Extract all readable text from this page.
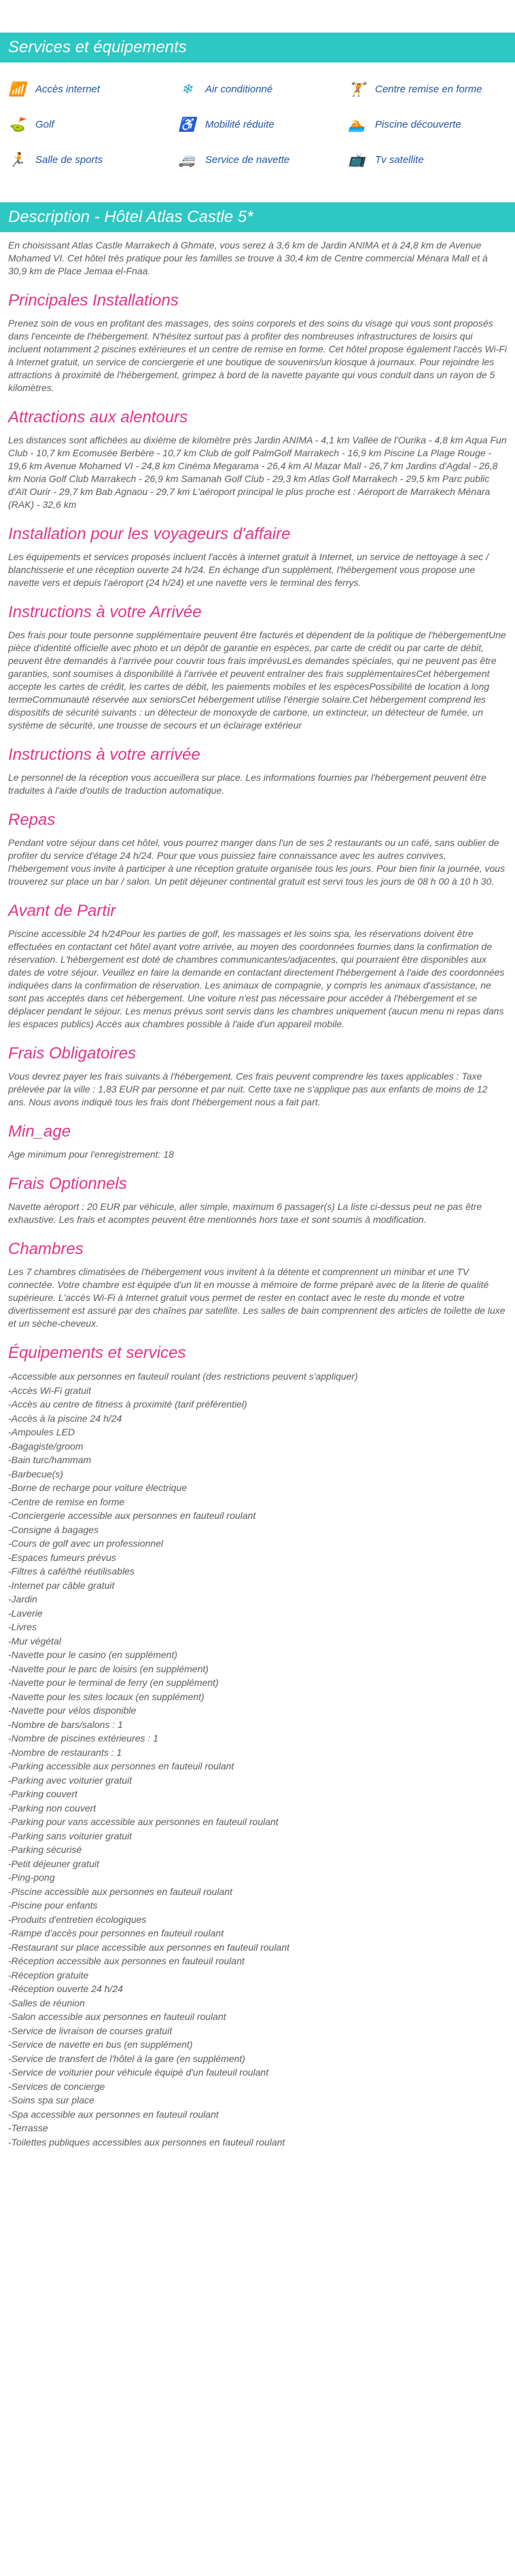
Services et équipements
📶 Accès internet	❄	Air conditionné	🏋 Centre remise en forme
⛳ Golf	♿ Mobilité réduite	🏊 Piscine découverte
🏃 Salle de sports	🚐 Service de navette	📺 Tv satellite
Description - Hôtel Atlas Castle 5*

En choisissant Atlas Castle Marrakech à Ghmate, vous serez à 3,6 km de Jardin ANIMA et à 24,8 km de Avenue Mohamed VI. Cet hôtel très pratique pour les familles se trouve à 30,4 km de Centre commercial Ménara Mall et à 30,9 km de Place Jemaa el-Fnaa.

Principales Installations

Prenez soin de vous en profitant des massages, des soins corporels et des soins du visage qui vous sont proposés dans l'enceinte de l'hébergement. N'hésitez surtout pas à profiter des nombreuses infrastructures de loisirs qui incluent notamment 2 piscines extérieures et un centre de remise en forme. Cet hôtel propose également l'accès Wi-Fi à Internet gratuit, un service de conciergerie et une boutique de souvenirs/un kiosque à journaux. Pour rejoindre les attractions à proximité de l'hébergement, grimpez à bord de la navette payante qui vous conduit dans un rayon de 5 kilomètres.

Attractions aux alentours

Les distances sont affichées au dixième de kilomètre près Jardin ANIMA - 4,1 km Vallée de l'Ourika - 4,8 km Aqua Fun Club - 10,7 km Ecomusée Berbère - 10,7 km Club de golf PalmGolf Marrakech - 16,9 km Piscine La Plage Rouge - 19,6 km Avenue Mohamed VI - 24,8 km Cinéma Megarama - 26,4 km Al Mazar Mall - 26,7 km Jardins d'Agdal - 26,8 km Noria Golf Club Marrakech - 26,9 km Samanah Golf Club - 29,3 km Atlas Golf Marrakech - 29,5 km Parc public d'Aït Ourir - 29,7 km Bab Agnaou - 29,7 km L'aéroport principal le plus proche est : Aéroport de Marrakech Ménara (RAK) - 32,6 km

Installation pour les voyageurs d'affaire

Les équipements et services proposés incluent l'accès à internet gratuit à Internet, un service de nettoyage à sec / blanchisserie et une réception ouverte 24 h/24. En échange d'un supplément, l'hébergement vous propose une navette vers et depuis l'aéroport (24 h/24) et une navette vers le terminal des ferrys.

Instructions à votre Arrivée

Des frais pour toute personne supplémentaire peuvent être facturés et dépendent de la politique de l'hébergementUne pièce d'identité officielle avec photo et un dépôt de garantie en espèces, par carte de crédit ou par carte de débit, peuvent être demandés à l'arrivée pour couvrir tous frais imprévusLes demandes spéciales, qui ne peuvent pas être garanties, sont soumises à disponibilité à l'arrivée et peuvent entraîner des frais supplémentairesCet hébergement accepte les cartes de crédit, les cartes de débit, les paiements mobiles et les espècesPossibilité de location à long termeCommunauté réservée aux seniorsCet hébergement utilise l'énergie solaire.Cet hébergement comprend les dispositifs de sécurité suivants : un détecteur de monoxyde de carbone, un extincteur, un détecteur de fumée, un système de sécurité, une trousse de secours et un éclairage extérieur

Instructions à votre arrivée

Le personnel de la réception vous accueillera sur place. Les informations fournies par l'hébergement peuvent être traduites à l'aide d'outils de traduction automatique.

Repas

Pendant votre séjour dans cet hôtel, vous pourrez manger dans l'un de ses 2 restaurants ou un café, sans oublier de profiter du service d'étage 24 h/24. Pour que vous puissiez faire connaissance avec les autres convives, l'hébergement vous invite à participer à une réception gratuite organisée tous les jours. Pour bien finir la journée, vous trouverez sur place un bar / salon. Un petit déjeuner continental gratuit est servi tous les jours de 08 h 00 à 10 h 30.

Avant de Partir

Piscine accessible 24 h/24Pour les parties de golf, les massages et les soins spa, les réservations doivent être effectuées en contactant cet hôtel avant votre arrivée, au moyen des coordonnées fournies dans la confirmation de réservation. L'hébergement est doté de chambres communicantes/adjacentes, qui pourraient être disponibles aux dates de votre séjour. Veuillez en faire la demande en contactant directement l'hébergement à l'aide des coordonnées indiquées dans la confirmation de réservation. Les animaux de compagnie, y compris les animaux d'assistance, ne sont pas acceptés dans cet hébergement. Une voiture n'est pas nécessaire pour accéder à l'hébergement et se déplacer pendant le séjour. Les menus prévus sont servis dans les chambres uniquement (aucun menu ni repas dans les espaces publics) Accès aux chambres possible à l'aide d'un appareil mobile.

Frais Obligatoires

Vous devrez payer les frais suivants à l'hébergement. Ces frais peuvent comprendre les taxes applicables : Taxe prélevée par la ville : 1,83 EUR par personne et par nuit. Cette taxe ne s'applique pas aux enfants de moins de 12 ans. Nous avons indiqué tous les frais dont l'hébergement nous a fait part.

Min_age

Age minimum pour l'enregistrement: 18

Frais Optionnels

Navette aéroport : 20 EUR par véhicule, aller simple, maximum 6 passager(s) La liste ci-dessus peut ne pas être exhaustive. Les frais et acomptes peuvent être mentionnés hors taxe et sont soumis à modification.

Chambres

Les 7 chambres climatisées de l'hébergement vous invitent à la détente et comprennent un minibar et une TV connectée. Votre chambre est équipée d'un lit en mousse à mémoire de forme préparé avec de la literie de qualité supérieure. L'accès Wi-Fi à Internet gratuit vous permet de rester en contact avec le reste du monde et votre divertissement est assuré par des chaînes par satellite. Les salles de bain comprennent des articles de toilette de luxe et un sèche-cheveux.

Équipements et services
-Accessible aux personnes en fauteuil roulant (des restrictions peuvent s'appliquer)
-Accès Wi-Fi gratuit
-Accès au centre de fitness à proximité (tarif préférentiel)
-Accès à la piscine 24 h/24
-Ampoules LED
-Bagagiste/groom
-Bain turc/hammam
-Barbecue(s)
-Borne de recharge pour voiture électrique
-Centre de remise en forme
-Conciergerie accessible aux personnes en fauteuil roulant
-Consigne à bagages
-Cours de golf avec un professionnel
-Espaces fumeurs prévus
-Filtres à café/thé réutilisables
-Internet par câble gratuit
-Jardin
-Laverie
-Livres
-Mur végétal
-Navette pour le casino (en supplément)
-Navette pour le parc de loisirs (en supplément)
-Navette pour le terminal de ferry (en supplément)
-Navette pour les sites locaux (en supplément)
-Navette pour vélos disponible
-Nombre de bars/salons : 1
-Nombre de piscines extérieures : 1
-Nombre de restaurants : 1
-Parking accessible aux personnes en fauteuil roulant
-Parking avec voiturier gratuit
-Parking couvert
-Parking non couvert
-Parking pour vans accessible aux personnes en fauteuil roulant
-Parking sans voiturier gratuit
-Parking sécurisé
-Petit déjeuner gratuit
-Ping-pong
-Piscine accessible aux personnes en fauteuil roulant
-Piscine pour enfants
-Produits d'entretien écologiques
-Rampe d'accès pour personnes en fauteuil roulant
-Restaurant sur place accessible aux personnes en fauteuil roulant
-Réception accessible aux personnes en fauteuil roulant
-Réception gratuite
-Réception ouverte 24 h/24
-Salles de réunion
-Salon accessible aux personnes en fauteuil roulant
-Service de livraison de courses gratuit
-Service de navette en bus (en supplément)
-Service de transfert de l'hôtel à la gare (en supplément)
-Service de voiturier pour véhicule équipé d'un fauteuil roulant
-Services de concierge
-Soins spa sur place
-Spa accessible aux personnes en fauteuil roulant
-Terrasse
-Toilettes publiques accessibles aux personnes en fauteuil roulant
